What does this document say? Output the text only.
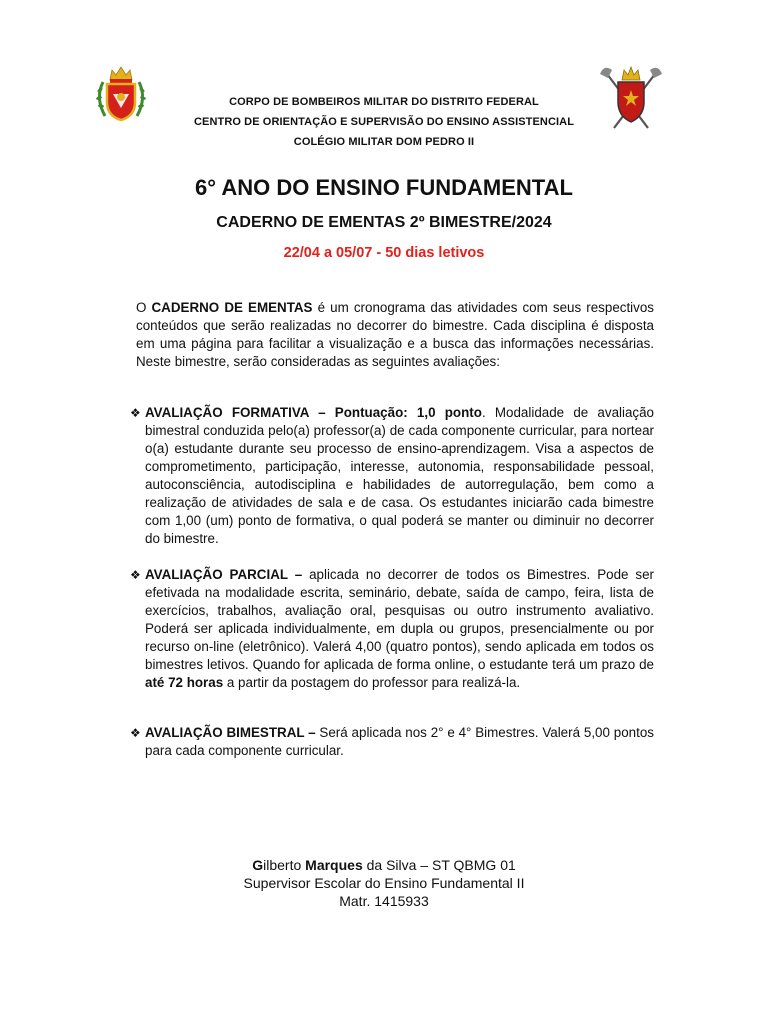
CORPO DE BOMBEIROS MILITAR DO DISTRITO FEDERAL
CENTRO DE ORIENTAÇÃO E SUPERVISÃO DO ENSINO ASSISTENCIAL
COLÉGIO MILITAR DOM PEDRO II
6° ANO DO ENSINO FUNDAMENTAL
CADERNO DE EMENTAS 2º BIMESTRE/2024
22/04 a 05/07 - 50 dias letivos
O CADERNO DE EMENTAS é um cronograma das atividades com seus respectivos conteúdos que serão realizadas no decorrer do bimestre. Cada disciplina é disposta em uma página para facilitar a visualização e a busca das informações necessárias. Neste bimestre, serão consideradas as seguintes avaliações:
❖ AVALIAÇÃO FORMATIVA – Pontuação: 1,0 ponto. Modalidade de avaliação bimestral conduzida pelo(a) professor(a) de cada componente curricular, para nortear o(a) estudante durante seu processo de ensino-aprendizagem. Visa a aspectos de comprometimento, participação, interesse, autonomia, responsabilidade pessoal, autoconsciência, autodisciplina e habilidades de autorregulação, bem como a realização de atividades de sala e de casa. Os estudantes iniciarão cada bimestre com 1,00 (um) ponto de formativa, o qual poderá se manter ou diminuir no decorrer do bimestre.
❖ AVALIAÇÃO PARCIAL – aplicada no decorrer de todos os Bimestres. Pode ser efetivada na modalidade escrita, seminário, debate, saída de campo, feira, lista de exercícios, trabalhos, avaliação oral, pesquisas ou outro instrumento avaliativo. Poderá ser aplicada individualmente, em dupla ou grupos, presencialmente ou por recurso on-line (eletrônico). Valerá 4,00 (quatro pontos), sendo aplicada em todos os bimestres letivos. Quando for aplicada de forma online, o estudante terá um prazo de até 72 horas a partir da postagem do professor para realizá-la.
❖ AVALIAÇÃO BIMESTRAL – Será aplicada nos 2° e 4° Bimestres. Valerá 5,00 pontos para cada componente curricular.
Gilberto Marques da Silva – ST QBMG 01
Supervisor Escolar do Ensino Fundamental II
Matr. 1415933
